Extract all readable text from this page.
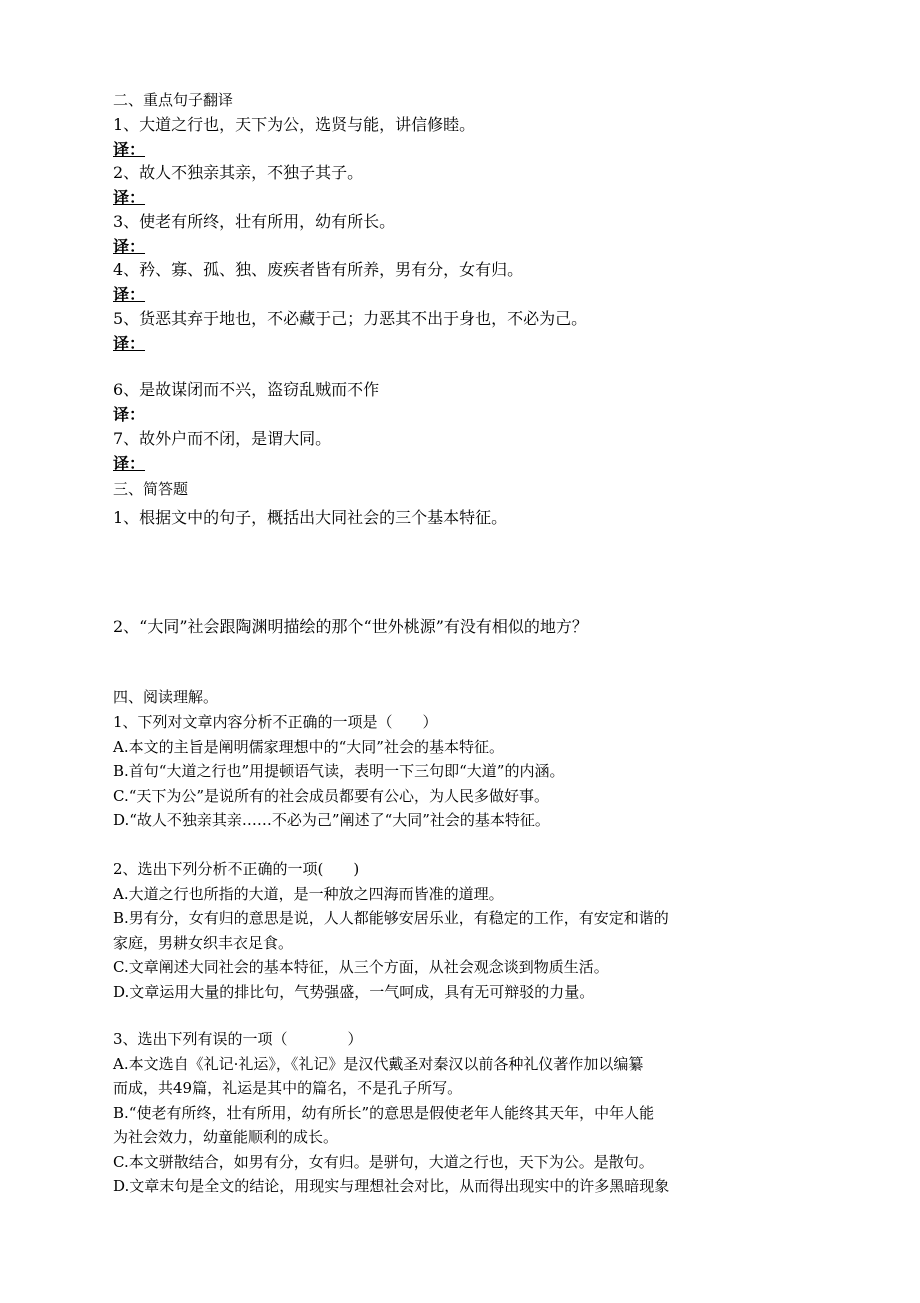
二、重点句子翻译
1、大道之行也，天下为公，选贤与能，讲信修睦。
译：
2、故人不独亲其亲，不独子其子。
译：
3、使老有所终，壮有所用，幼有所长。
译：
4、矜、寡、孤、独、废疾者皆有所养，男有分，女有归。
译：
5、货恶其弃于地也，不必藏于己；力恶其不出于身也，不必为己。
译：
6、是故谋闭而不兴，盗窃乱贼而不作
译：
7、故外户而不闭，是谓大同。
译：
三、简答题
1、根据文中的句子，概括出大同社会的三个基本特征。
2、“大同”社会跟陶渊明描绘的那个“世外桃源”有没有相似的地方？
四、阅读理解。
1、下列对文章内容分析不正确的一项是（　　）
A.本文的主旨是阐明儒家理想中的“大同”社会的基本特征。
B.首句“大道之行也”用提顿语气读，表明一下三句即“大道”的内涵。
C.“天下为公”是说所有的社会成员都要有公心，为人民多做好事。
D.“故人不独亲其亲……不必为己”阐述了“大同”社会的基本特征。
2、选出下列分析不正确的一项(　　)
A.大道之行也所指的大道，是一种放之四海而皆准的道理。
B.男有分，女有归的意思是说，人人都能够安居乐业，有稳定的工作，有安定和谐的
家庭，男耕女织丰衣足食。
C.文章阐述大同社会的基本特征，从三个方面，从社会观念谈到物质生活。
D.文章运用大量的排比句，气势强盛，一气呵成，具有无可辩驳的力量。
3、选出下列有误的一项（　　　　）
A.本文选自《礼记·礼运》，《礼记》是汉代戴圣对秦汉以前各种礼仪著作加以编纂
而成，共49篇，礼运是其中的篇名，不是孔子所写。
B.“使老有所终，壮有所用，幼有所长”的意思是假使老年人能终其天年，中年人能
为社会效力，幼童能顺利的成长。
C.本文骈散结合，如男有分，女有归。是骈句，大道之行也，天下为公。是散句。
D.文章末句是全文的结论，用现实与理想社会对比，从而得出现实中的许多黑暗现象
